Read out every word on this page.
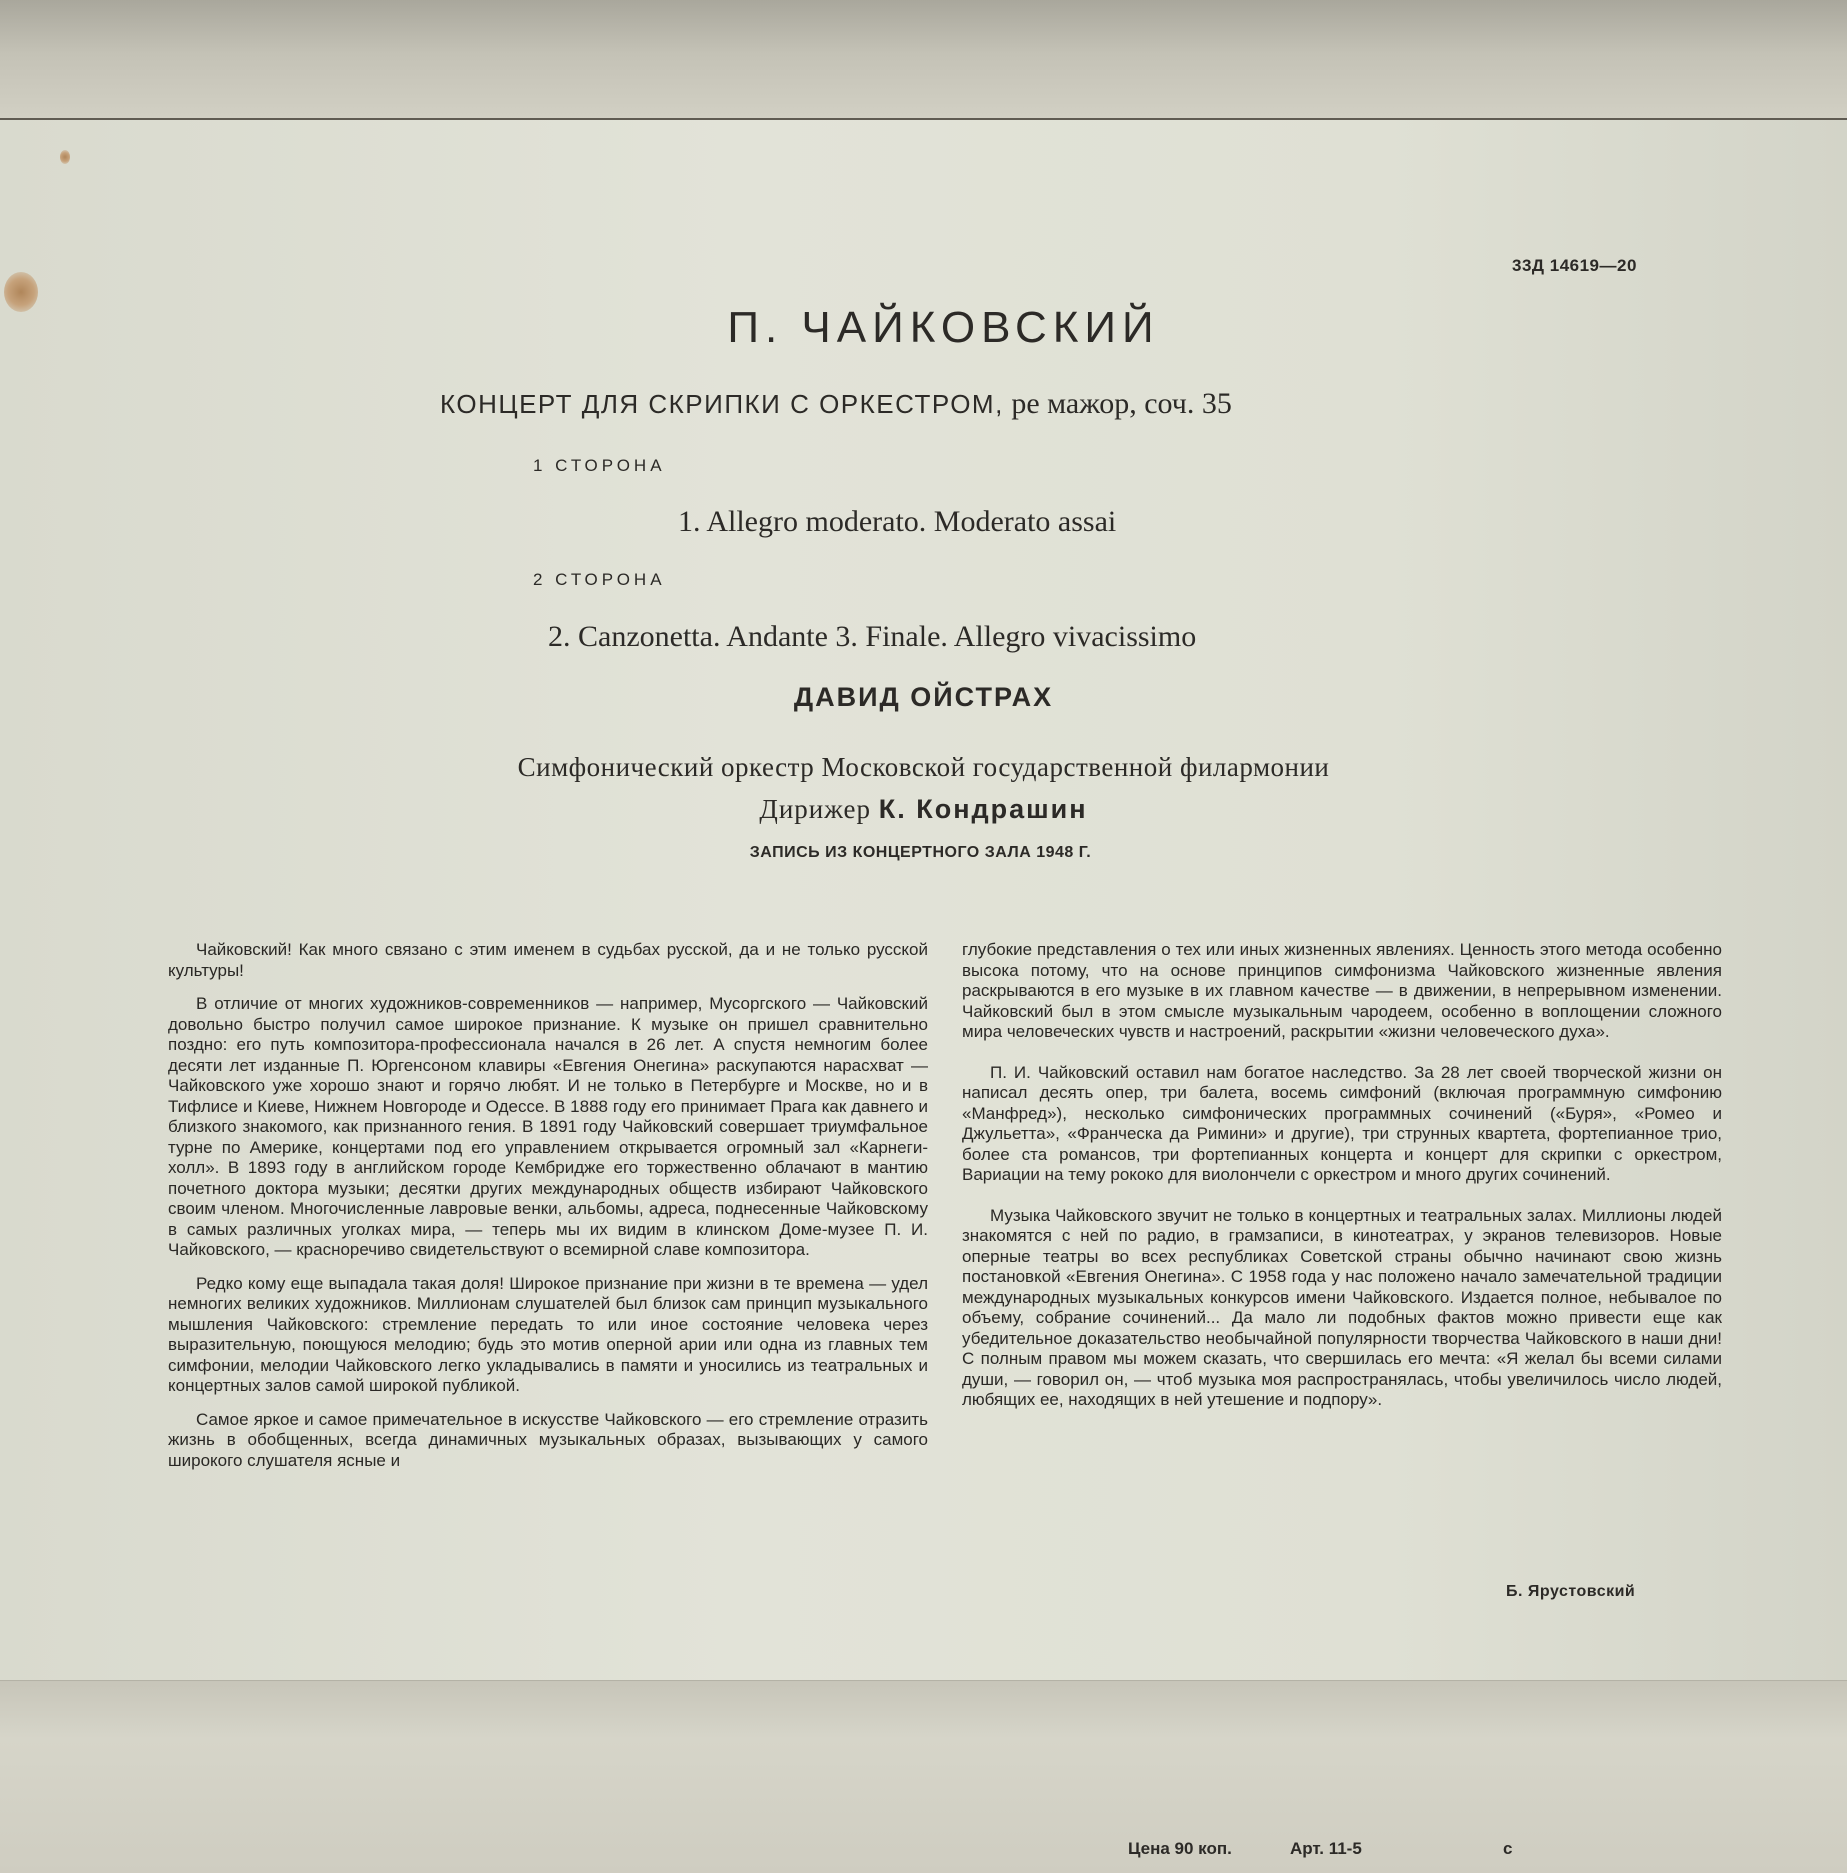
33Д 14619—20
П. ЧАЙКОВСКИЙ
КОНЦЕРТ ДЛЯ СКРИПКИ С ОРКЕСТРОМ, ре мажор, соч. 35
1 СТОРОНА
1. Allegro moderato. Moderato assai
2 СТОРОНА
2. Canzonetta. Andante 3. Finale. Allegro vivacissimo
ДАВИД ОЙСТРАХ
Симфонический оркестр Московской государственной филармонии
Дирижер К. Кондрашин
ЗАПИСЬ ИЗ КОНЦЕРТНОГО ЗАЛА 1948 Г.

Чайковский! Как много связано с этим именем в судьбах русской, да и не только русской культуры!

В отличие от многих художников-современников — например, Мусоргского — Чайковский довольно быстро получил самое широкое признание. К музыке он пришел сравнительно поздно: его путь композитора-профессионала начался в 26 лет. А спустя немногим более десяти лет изданные П. Юргенсоном клавиры «Евгения Онегина» раскупаются нарасхват — Чайковского уже хорошо знают и горячо любят. И не только в Петербурге и Москве, но и в Тифлисе и Киеве, Нижнем Новгороде и Одессе. В 1888 году его принимает Прага как давнего и близкого знакомого, как признанного гения. В 1891 году Чайковский совершает триумфальное турне по Америке, концертами под его управлением открывается огромный зал «Карнеги-холл». В 1893 году в английском городе Кембридже его торжественно облачают в мантию почетного доктора музыки; десятки других международных обществ избирают Чайковского своим членом. Многочисленные лавровые венки, альбомы, адреса, поднесенные Чайковскому в самых различных уголках мира, — теперь мы их видим в клинском Доме-музее П. И. Чайковского, — красноречиво свидетельствуют о всемирной славе композитора.

Редко кому еще выпадала такая доля! Широкое признание при жизни в те времена — удел немногих великих художников. Миллионам слушателей был близок сам принцип музыкального мышления Чайковского: стремление передать то или иное состояние человека через выразительную, поющуюся мелодию; будь это мотив оперной арии или одна из главных тем симфонии, мелодии Чайковского легко укладывались в памяти и уносились из театральных и концертных залов самой широкой публикой.

Самое яркое и самое примечательное в искусстве Чайковского — его стремление отразить жизнь в обобщенных, всегда динамичных музыкальных образах, вызывающих у самого широкого слушателя ясные и

глубокие представления о тех или иных жизненных явлениях. Ценность этого метода особенно высока потому, что на основе принципов симфонизма Чайковского жизненные явления раскрываются в его музыке в их главном качестве — в движении, в непрерывном изменении. Чайковский был в этом смысле музыкальным чародеем, особенно в воплощении сложного мира человеческих чувств и настроений, раскрытии «жизни человеческого духа».

П. И. Чайковский оставил нам богатое наследство. За 28 лет своей творческой жизни он написал десять опер, три балета, восемь симфоний (включая программную симфонию «Манфред»), несколько симфонических программных сочинений («Буря», «Ромео и Джульетта», «Франческа да Римини» и другие), три струнных квартета, фортепианное трио, более ста романсов, три фортепианных концерта и концерт для скрипки с оркестром, Вариации на тему рококо для виолончели с оркестром и много других сочинений.

Музыка Чайковского звучит не только в концертных и театральных залах. Миллионы людей знакомятся с ней по радио, в грамзаписи, в кинотеатрах, у экранов телевизоров. Новые оперные театры во всех республиках Советской страны обычно начинают свою жизнь постановкой «Евгения Онегина». С 1958 года у нас положено начало замечательной традиции международных музыкальных конкурсов имени Чайковского. Издается полное, небывалое по объему, собрание сочинений... Да мало ли подобных фактов можно привести еще как убедительное доказательство необычайной популярности творчества Чайковского в наши дни! С полным правом мы можем сказать, что свершилась его мечта: «Я желал бы всеми силами души, — говорил он, — чтоб музыка моя распространялась, чтобы увеличилось число людей, любящих ее, находящих в ней утешение и подпору».

Б. Ярустовский
Цена 90 коп.	Арт. 11-5	с
